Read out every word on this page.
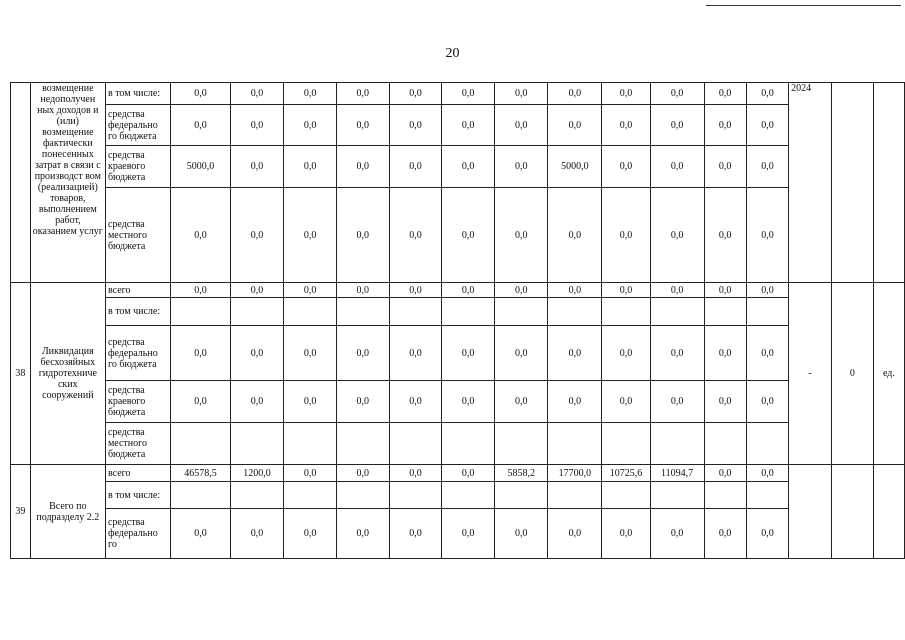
20
	возмещение недополучен ных доходов и (или) возмещение фактически понесенных затрат в связи с производст вом (реализацией) товаров, выполнением работ, оказанием услуг	в том числе:	0,0	0,0	0,0	0,0	0,0	0,0	0,0	0,0	0,0	0,0	0,0	0,0	2024		
		средства федерально го бюджета	0,0	0,0	0,0	0,0	0,0	0,0	0,0	0,0	0,0	0,0	0,0	0,0			
		средства краевого бюджета	5000,0	0,0	0,0	0,0	0,0	0,0	0,0	5000,0	0,0	0,0	0,0	0,0			
		средства местного бюджета	0,0	0,0	0,0	0,0	0,0	0,0	0,0	0,0	0,0	0,0	0,0	0,0			
38	Ликвидация бесхозяйных гидротехниче ских сооружений	всего	0,0	0,0	0,0	0,0	0,0	0,0	0,0	0,0	0,0	0,0	0,0	0,0	-	0	ед.
		в том числе:															
		средства федерально го бюджета	0,0	0,0	0,0	0,0	0,0	0,0	0,0	0,0	0,0	0,0	0,0	0,0			
		средства краевого бюджета	0,0	0,0	0,0	0,0	0,0	0,0	0,0	0,0	0,0	0,0	0,0	0,0			
		средства местного бюджета															
39	Всего по подразделу 2.2	всего	46578,5	1200,0	0,0	0,0	0,0	0,0	5858,2	17700,0	10725,6	11094,7	0,0	0,0			
		в том числе:															
		средства федерально го	0,0	0,0	0,0	0,0	0,0	0,0	0,0	0,0	0,0	0,0	0,0	0,0			
